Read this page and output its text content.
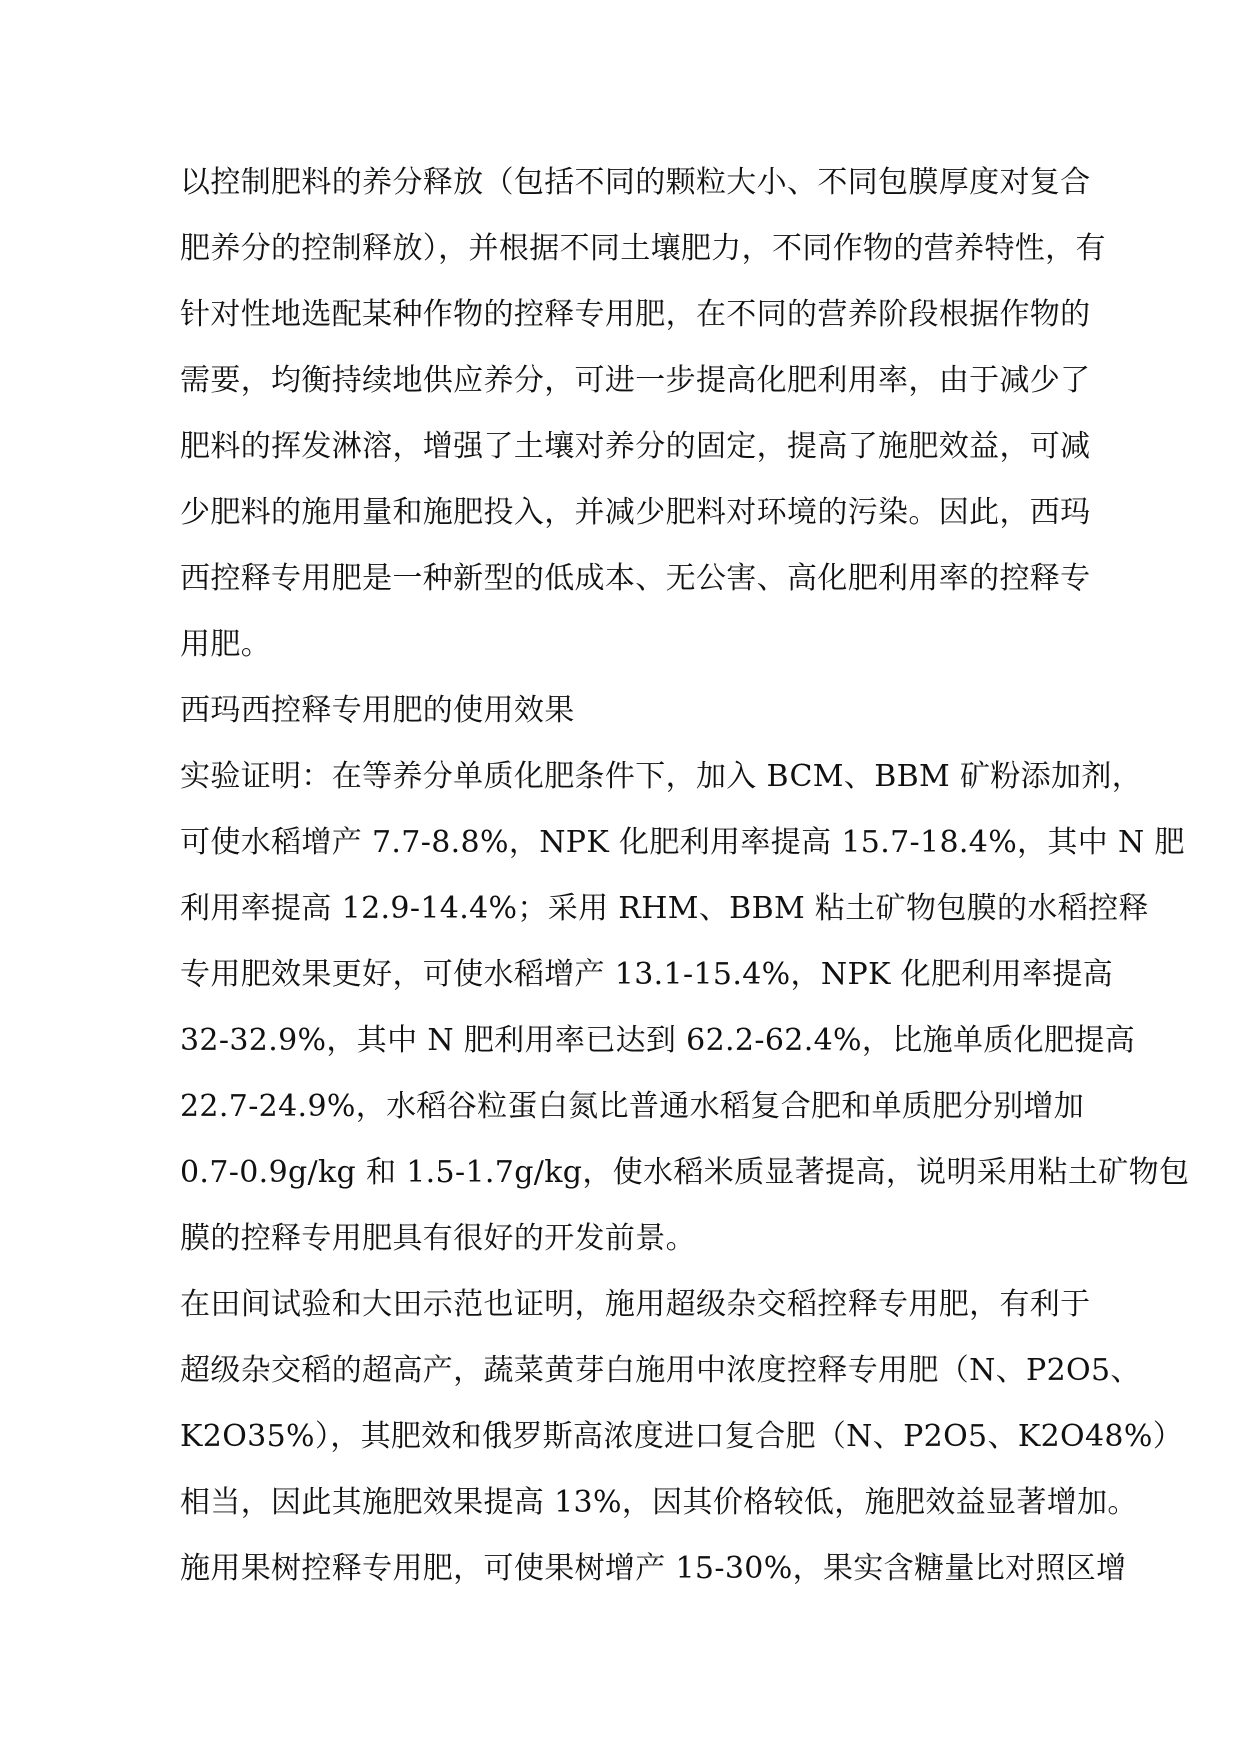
以控制肥料的养分释放（包括不同的颗粒大小、不同包膜厚度对复合
肥养分的控制释放），并根据不同土壤肥力，不同作物的营养特性，有
针对性地选配某种作物的控释专用肥，在不同的营养阶段根据作物的
需要，均衡持续地供应养分，可进一步提高化肥利用率，由于减少了
肥料的挥发淋溶，增强了土壤对养分的固定，提高了施肥效益，可减
少肥料的施用量和施肥投入，并减少肥料对环境的污染。因此，西玛
西控释专用肥是一种新型的低成本、无公害、高化肥利用率的控释专
用肥。
西玛西控释专用肥的使用效果
实验证明：在等养分单质化肥条件下，加入 BCM、BBM 矿粉添加剂，
可使水稻增产 7.7-8.8%，NPK 化肥利用率提高 15.7-18.4%，其中 N 肥
利用率提高 12.9-14.4%；采用 RHM、BBM 粘土矿物包膜的水稻控释
专用肥效果更好，可使水稻增产 13.1-15.4%，NPK 化肥利用率提高
32-32.9%，其中 N 肥利用率已达到 62.2-62.4%，比施单质化肥提高
22.7-24.9%，水稻谷粒蛋白氮比普通水稻复合肥和单质肥分别增加
0.7-0.9g/kg 和 1.5-1.7g/kg，使水稻米质显著提高，说明采用粘土矿物包
膜的控释专用肥具有很好的开发前景。
在田间试验和大田示范也证明，施用超级杂交稻控释专用肥，有利于
超级杂交稻的超高产，蔬菜黄芽白施用中浓度控释专用肥（N、P2O5、
K2O35%），其肥效和俄罗斯高浓度进口复合肥（N、P2O5、K2O48%）
相当，因此其施肥效果提高 13%，因其价格较低，施肥效益显著增加。
施用果树控释专用肥，可使果树增产 15-30%，果实含糖量比对照区增
